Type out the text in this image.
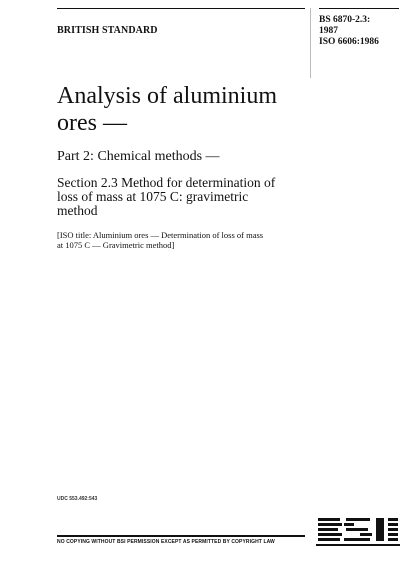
BRITISH STANDARD
BS 6870-2.3:
1987
ISO 6606:1986
Analysis of aluminium
ores —
Part 2: Chemical methods —
Section 2.3 Method for determination of
loss of mass at 1075 C: gravimetric
method
[ISO title: Aluminium ores — Determination of loss of mass
at 1075 C — Gravimetric method]
UDC 553.492:543
NO COPYING WITHOUT BSI PERMISSION EXCEPT AS PERMITTED BY COPYRIGHT LAW
